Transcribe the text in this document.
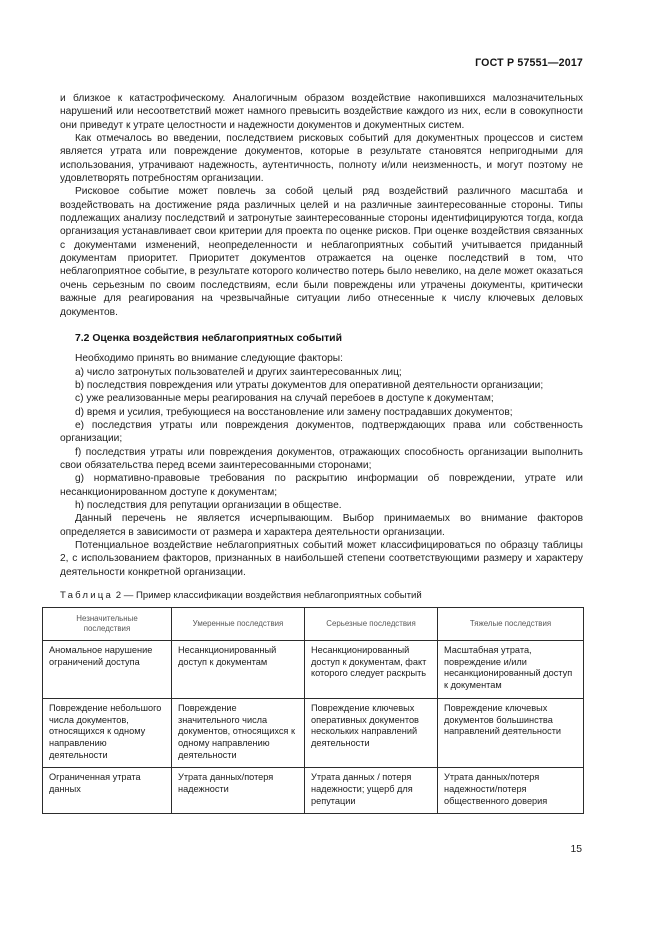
ГОСТ Р 57551—2017

и близкое к катастрофическому. Аналогичным образом воздействие накопившихся малозначительных нарушений или несоответствий может намного превысить воздействие каждого из них, если в совокупности они приведут к утрате целостности и надежности документов и документных систем.

Как отмечалось во введении, последствием рисковых событий для документных процессов и систем является утрата или повреждение документов, которые в результате становятся непригодными для использования, утрачивают надежность, аутентичность, полноту и/или неизменность, и могут поэтому не удовлетворять потребностям организации.

Рисковое событие может повлечь за собой целый ряд воздействий различного масштаба и воздействовать на достижение ряда различных целей и на различные заинтересованные стороны. Типы подлежащих анализу последствий и затронутые заинтересованные стороны идентифицируются тогда, когда организация устанавливает свои критерии для проекта по оценке рисков. При оценке воздействия связанных с документами изменений, неопределенности и неблагоприятных событий учитывается приданный документам приоритет. Приоритет документов отражается на оценке последствий в том, что неблагоприятное событие, в результате которого количество потерь было невелико, на деле может оказаться очень серьезным по своим последствиям, если были повреждены или утрачены документы, критически важные для реагирования на чрезвычайные ситуации либо отнесенные к числу ключевых деловых документов.

7.2 Оценка воздействия неблагоприятных событий

Необходимо принять во внимание следующие факторы:

a) число затронутых пользователей и других заинтересованных лиц;

b) последствия повреждения или утраты документов для оперативной деятельности организации;

c) уже реализованные меры реагирования на случай перебоев в доступе к документам;

d) время и усилия, требующиеся на восстановление или замену пострадавших документов;

e) последствия утраты или повреждения документов, подтверждающих права или собственность организации;

f) последствия утраты или повреждения документов, отражающих способность организации выполнить свои обязательства перед всеми заинтересованными сторонами;

g) нормативно-правовые требования по раскрытию информации об повреждении, утрате или несанкционированном доступе к документам;

h) последствия для репутации организации в обществе.

Данный перечень не является исчерпывающим. Выбор принимаемых во внимание факторов определяется в зависимости от размера и характера деятельности организации.

Потенциальное воздействие неблагоприятных событий может классифицироваться по образцу таблицы 2, с использованием факторов, признанных в наибольшей степени соответствующими размеру и характеру деятельности конкретной организации.

Таблица 2 — Пример классификации воздействия неблагоприятных событий
Незначительные последствия	Умеренные последствия	Серьезные последствия	Тяжелые последствия
Аномальное нарушение ограничений доступа	Несанкционированный доступ к документам	Несанкционированный доступ к документам, факт которого следует раскрыть	Масштабная утрата, повреждение и/или несанкционированный доступ к документам
Повреждение небольшого числа документов, относящихся к одному направлению деятельности	Повреждение значительного числа документов, относящихся к одному направлению деятельности	Повреждение ключевых оперативных документов нескольких направлений деятельности	Повреждение ключевых документов большинства направлений деятельности
Ограниченная утрата данных	Утрата данных/потеря надежности	Утрата данных / потеря надежности; ущерб для репутации	Утрата данных/потеря надежности/потеря общественного доверия
15
